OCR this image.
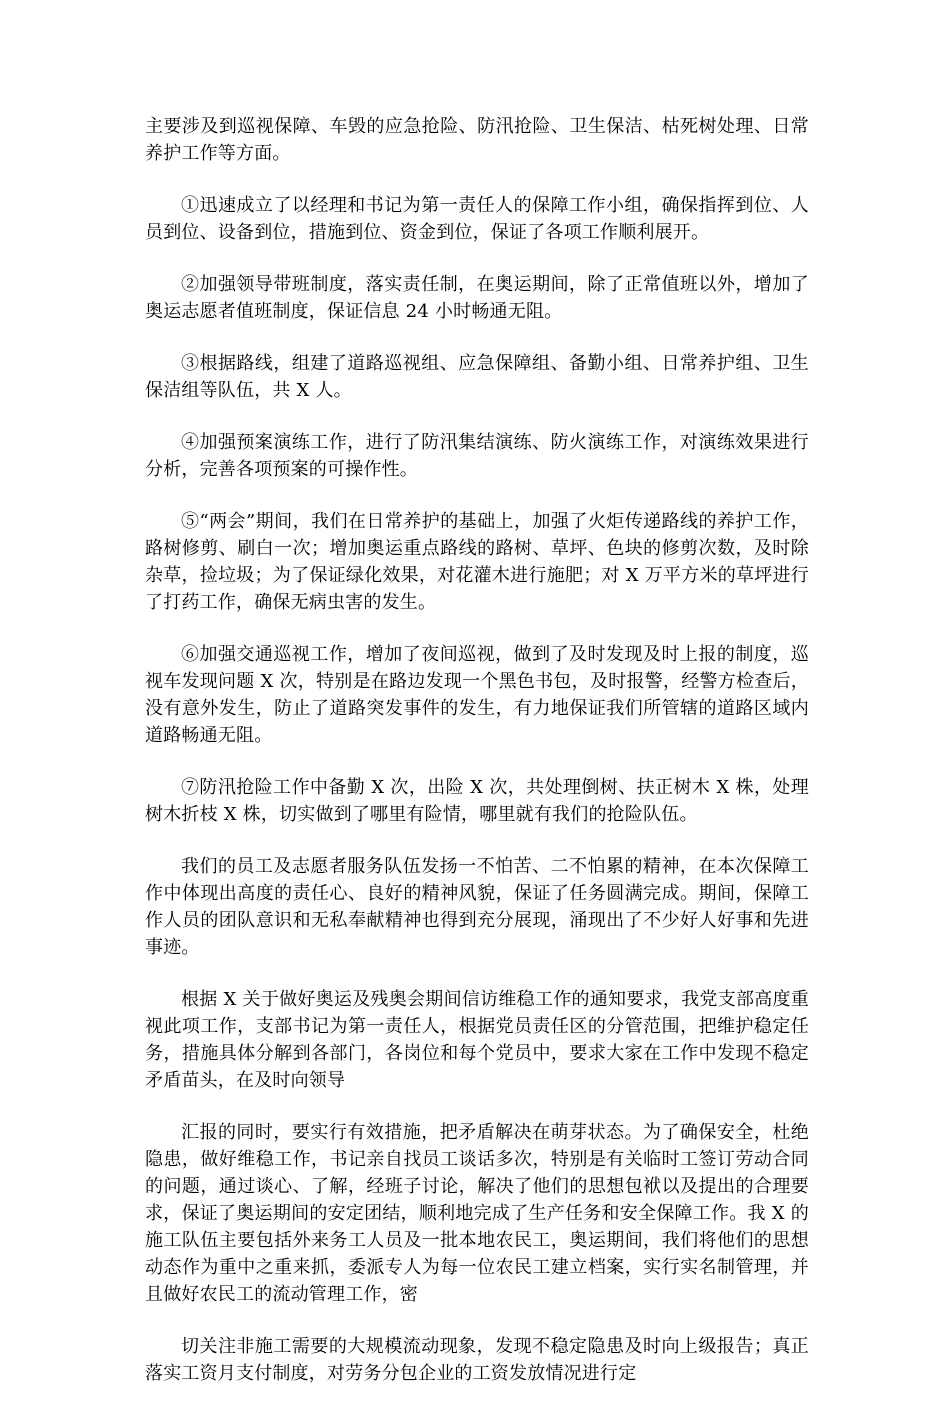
主要涉及到巡视保障、车毁的应急抢险、防汛抢险、卫生保洁、枯死树处理、日常养护工作等方面。

①迅速成立了以经理和书记为第一责任人的保障工作小组，确保指挥到位、人员到位、设备到位，措施到位、资金到位，保证了各项工作顺利展开。

②加强领导带班制度，落实责任制，在奥运期间，除了正常值班以外，增加了奥运志愿者值班制度，保证信息 24 小时畅通无阻。

③根据路线，组建了道路巡视组、应急保障组、备勤小组、日常养护组、卫生保洁组等队伍，共 X 人。

④加强预案演练工作，进行了防汛集结演练、防火演练工作，对演练效果进行分析，完善各项预案的可操作性。

⑤“两会”期间，我们在日常养护的基础上，加强了火炬传递路线的养护工作，路树修剪、刷白一次；增加奥运重点路线的路树、草坪、色块的修剪次数，及时除杂草，捡垃圾；为了保证绿化效果，对花灌木进行施肥；对 X 万平方米的草坪进行了打药工作，确保无病虫害的发生。

⑥加强交通巡视工作，增加了夜间巡视，做到了及时发现及时上报的制度，巡视车发现问题 X 次，特别是在路边发现一个黑色书包，及时报警，经警方检查后，没有意外发生，防止了道路突发事件的发生，有力地保证我们所管辖的道路区域内道路畅通无阻。

⑦防汛抢险工作中备勤 X 次，出险 X 次，共处理倒树、扶正树木 X 株，处理树木折枝 X 株，切实做到了哪里有险情，哪里就有我们的抢险队伍。

我们的员工及志愿者服务队伍发扬一不怕苦、二不怕累的精神，在本次保障工作中体现出高度的责任心、良好的精神风貌，保证了任务圆满完成。期间，保障工作人员的团队意识和无私奉献精神也得到充分展现，涌现出了不少好人好事和先进事迹。

根据 X 关于做好奥运及残奥会期间信访维稳工作的通知要求，我党支部高度重视此项工作，支部书记为第一责任人，根据党员责任区的分管范围，把维护稳定任务，措施具体分解到各部门，各岗位和每个党员中，要求大家在工作中发现不稳定矛盾苗头，在及时向领导

汇报的同时，要实行有效措施，把矛盾解决在萌芽状态。为了确保安全，杜绝隐患，做好维稳工作，书记亲自找员工谈话多次，特别是有关临时工签订劳动合同的问题，通过谈心、了解，经班子讨论，解决了他们的思想包袱以及提出的合理要求，保证了奥运期间的安定团结，顺利地完成了生产任务和安全保障工作。我 X 的施工队伍主要包括外来务工人员及一批本地农民工，奥运期间，我们将他们的思想动态作为重中之重来抓，委派专人为每一位农民工建立档案，实行实名制管理，并且做好农民工的流动管理工作，密

切关注非施工需要的大规模流动现象，发现不稳定隐患及时向上级报告；真正落实工资月支付制度，对劳务分包企业的工资发放情况进行定
